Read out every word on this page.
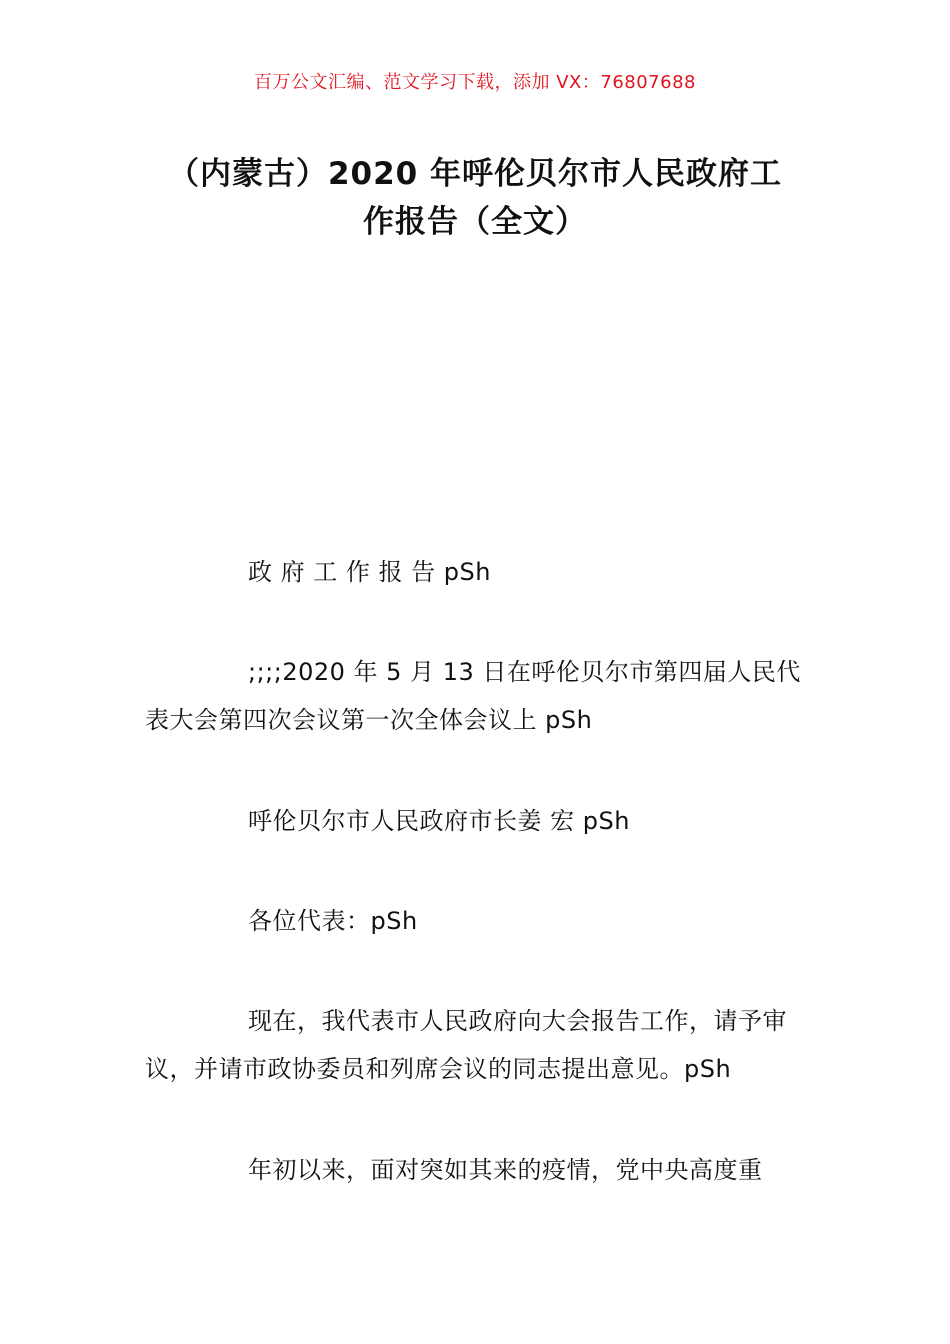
百万公文汇编、范文学习下载，添加 VX：76807688
（内蒙古）2020 年呼伦贝尔市人民政府工
作报告（全文）

政 府 工 作 报 告 pSh

;;;;2020 年 5 月 13 日在呼伦贝尔市第四届人民代表大会第四次会议第一次全体会议上 pSh

呼伦贝尔市人民政府市长姜 宏 pSh

各位代表：pSh

现在，我代表市人民政府向大会报告工作，请予审议，并请市政协委员和列席会议的同志提出意见。pSh

年初以来，面对突如其来的疫情，党中央高度重
